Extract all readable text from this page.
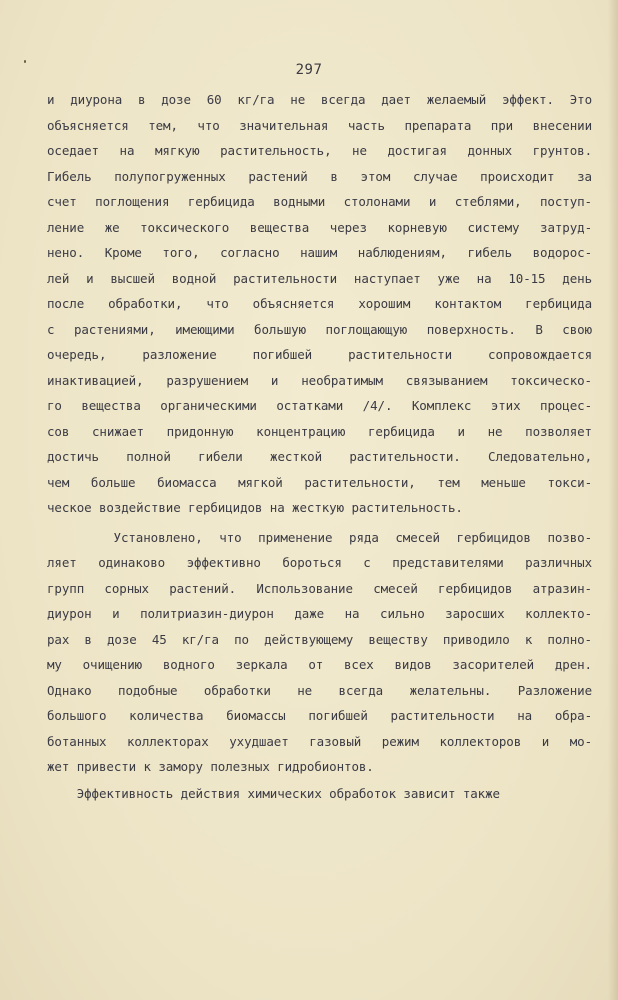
297
и диурона в дозе 60 кг/га не всегда дает желаемый эффект. Это
объясняется тем, что значительная часть препарата при внесении
оседает на мягкую растительность, не достигая донных грунтов.
Гибель полупогруженных растений в этом случае происходит за
счет поглощения гербицида водными столонами и стеблями, поступ-
ление же токсического вещества через корневую систему затруд-
нено. Кроме того, согласно нашим наблюдениям, гибель водорос-
лей и высшей водной растительности наступает уже на 10-15 день
после обработки, что объясняется хорошим контактом гербицида
с растениями, имеющими большую поглощающую поверхность. В свою
очередь, разложение погибшей растительности сопровождается
инактивацией, разрушением и необратимым связыванием токсическо-
го вещества органическими остатками /4/. Комплекс этих процес-
сов снижает придонную концентрацию гербицида и не позволяет
достичь полной гибели жесткой растительности. Следовательно,
чем больше биомасса мягкой растительности, тем меньше токси-
ческое воздействие гербицидов на жесткую растительность.
Установлено, что применение ряда смесей гербицидов позво-
ляет одинаково эффективно бороться с представителями различных
групп сорных растений. Использование смесей гербицидов атразин-
диурон и политриазин-диурон даже на сильно заросших коллекто-
рах в дозе 45 кг/га по действующему веществу приводило к полно-
му очищению водного зеркала от всех видов засорителей дрен.
Однако подобные обработки не всегда желательны. Разложение
большого количества биомассы погибшей растительности на обра-
ботанных коллекторах ухудшает газовый режим коллекторов и мо-
жет привести к замору полезных гидробионтов.
Эффективность действия химических обработок зависит также
